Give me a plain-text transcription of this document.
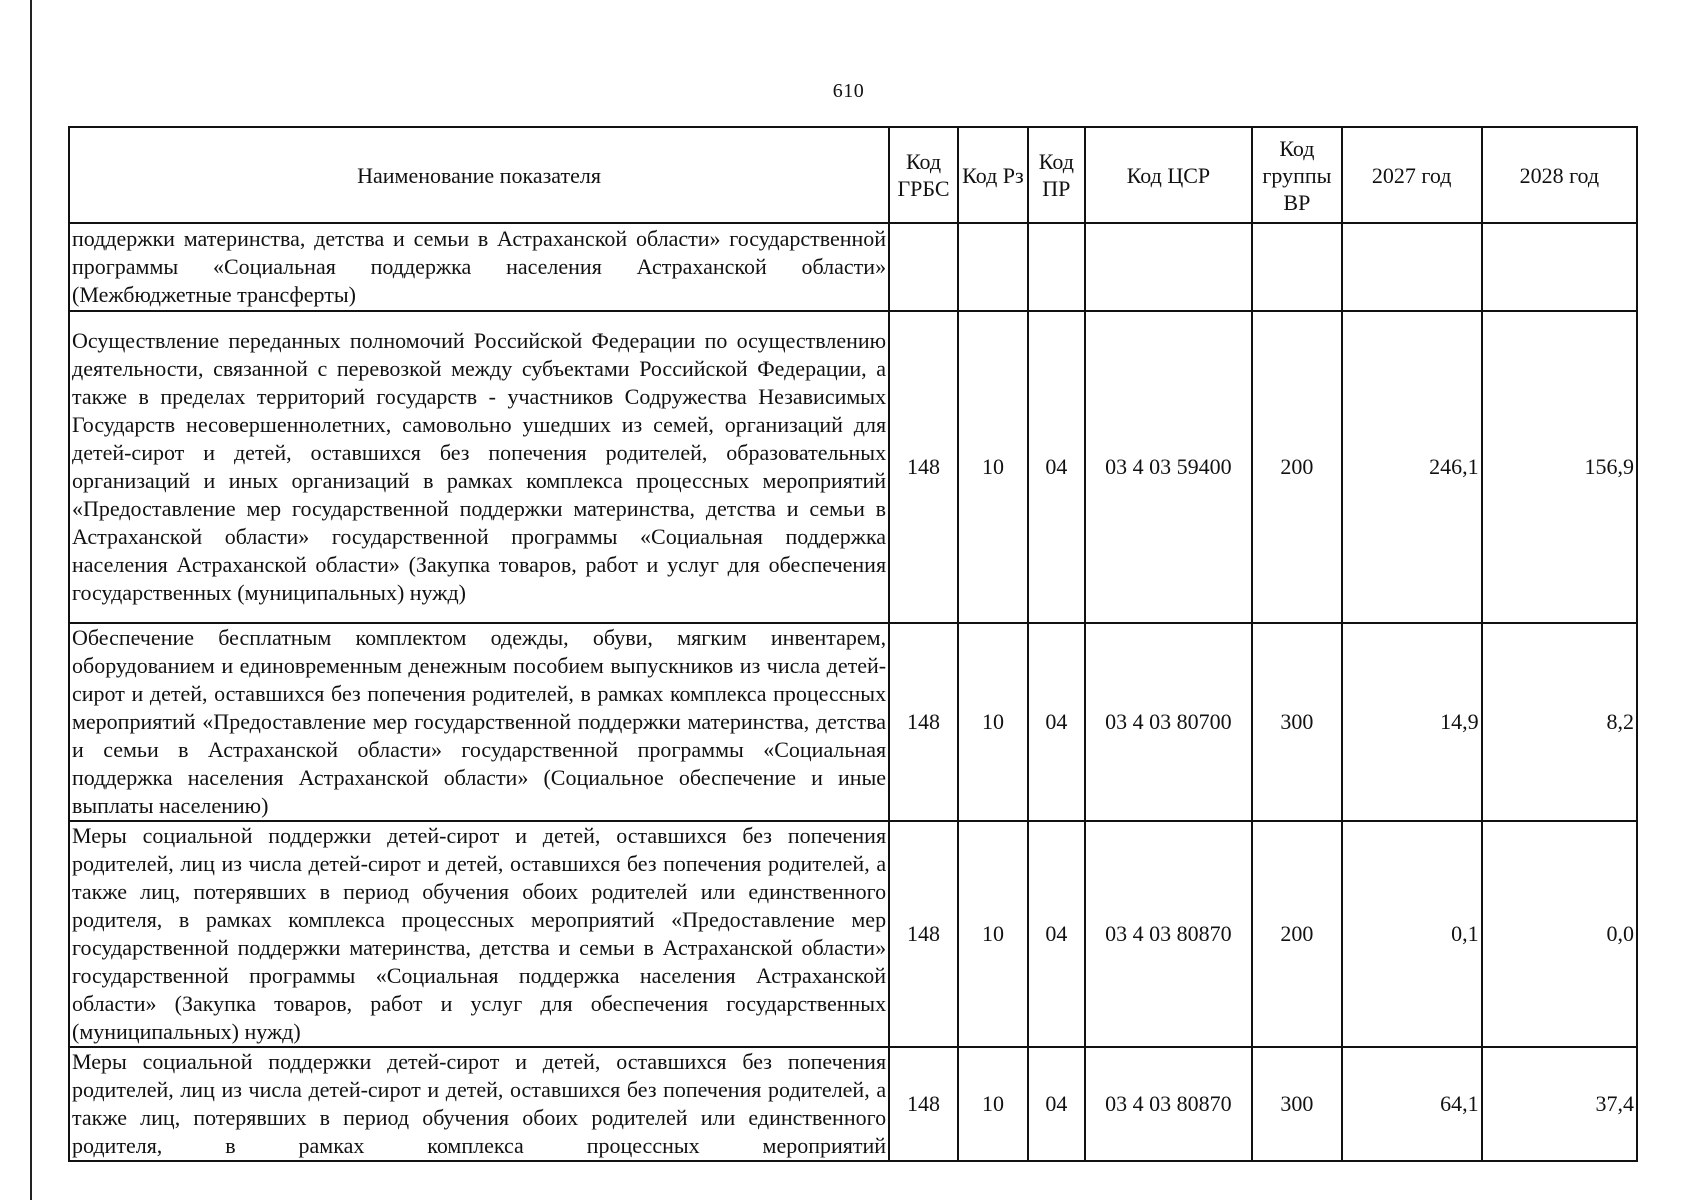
610
Наименование показателя	Код ГРБС	Код Рз	Код ПР	Код ЦСР	Код группы ВР	2027 год	2028 год
поддержки материнства, детства и семьи в Астраханской области» государственной программы «Социальная поддержка населения Астраханской области» (Межбюджетные трансферты)							
Осуществление переданных полномочий Российской Федерации по осуществлению деятельности, связанной с перевозкой между субъектами Российской Федерации, а также в пределах территорий государств - участников Содружества Независимых Государств несовершеннолетних, самовольно ушедших из семей, организаций для детей-сирот и детей, оставшихся без попечения родителей, образовательных организаций и иных организаций в рамках комплекса процессных мероприятий «Предоставление мер государственной поддержки материнства, детства и семьи в Астраханской области» государственной программы «Социальная поддержка населения Астраханской области» (Закупка товаров, работ и услуг для обеспечения государственных (муниципальных) нужд)	148	10	04	03 4 03 59400	200	246,1	156,9
Обеспечение бесплатным комплектом одежды, обуви, мягким инвентарем, оборудованием и единовременным денежным пособием выпускников из числа детей-сирот и детей, оставшихся без попечения родителей, в рамках комплекса процессных мероприятий «Предоставление мер государственной поддержки материнства, детства и семьи в Астраханской области» государственной программы «Социальная поддержка населения Астраханской области» (Социальное обеспечение и иные выплаты населению)	148	10	04	03 4 03 80700	300	14,9	8,2
Меры социальной поддержки детей-сирот и детей, оставшихся без попечения родителей, лиц из числа детей-сирот и детей, оставшихся без попечения родителей, а также лиц, потерявших в период обучения обоих родителей или единственного родителя, в рамках комплекса процессных мероприятий «Предоставление мер государственной поддержки материнства, детства и семьи в Астраханской области» государственной программы «Социальная поддержка населения Астраханской области» (Закупка товаров, работ и услуг для обеспечения государственных (муниципальных) нужд)	148	10	04	03 4 03 80870	200	0,1	0,0
Меры социальной поддержки детей-сирот и детей, оставшихся без попечения родителей, лиц из числа детей-сирот и детей, оставшихся без попечения родителей, а также лиц, потерявших в период обучения обоих родителей или единственного родителя, в рамках комплекса процессных мероприятий	148	10	04	03 4 03 80870	300	64,1	37,4
